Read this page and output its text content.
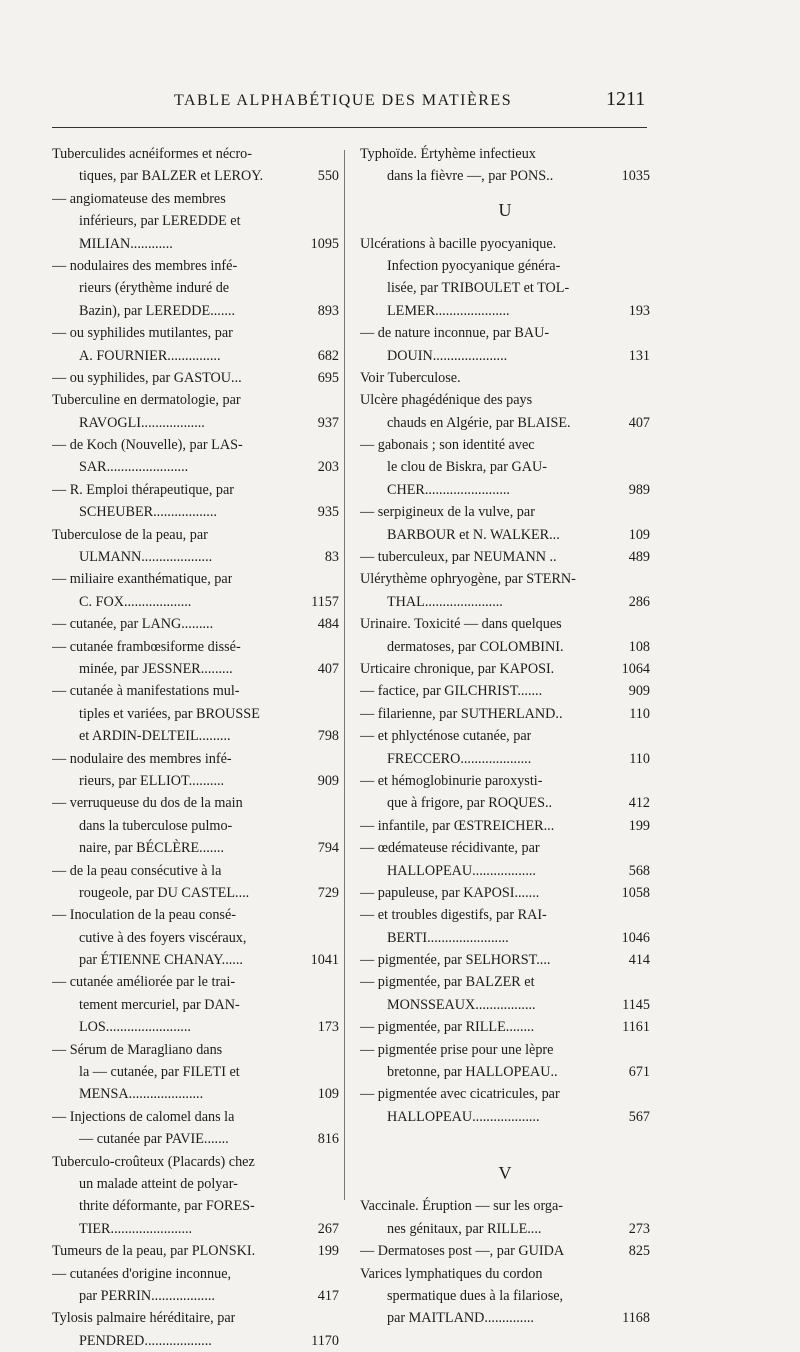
TABLE ALPHABÉTIQUE DES MATIÈRES	1211
Tuberculides acnéiformes et nécro-
tiques, par BALZER et LEROY.	550
— angiomateuse des membres
inférieurs, par LEREDDE et
MILIAN............	1095
— nodulaires des membres infé-
rieurs (érythème induré de
Bazin), par LEREDDE.......	893
— ou syphilides mutilantes, par
A. FOURNIER...............	682
— ou syphilides, par GASTOU...	695
Tuberculine en dermatologie, par
RAVOGLI..................	937
— de Koch (Nouvelle), par LAS-
SAR.......................	203
— R. Emploi thérapeutique, par
SCHEUBER..................	935
Tuberculose de la peau, par
ULMANN....................	83
— miliaire exanthématique, par
C. FOX...................	1157
— cutanée, par LANG.........	484
— cutanée frambœsiforme dissé-
minée, par JESSNER.........	407
— cutanée à manifestations mul-
tiples et variées, par BROUSSE
et ARDIN-DELTEIL.........	798
— nodulaire des membres infé-
rieurs, par ELLIOT..........	909
— verruqueuse du dos de la main
dans la tuberculose pulmo-
naire, par BÉCLÈRE.......	794
— de la peau consécutive à la
rougeole, par DU CASTEL....	729
— Inoculation de la peau consé-
cutive à des foyers viscéraux,
par ÉTIENNE CHANAY......	1041
— cutanée améliorée par le trai-
tement mercuriel, par DAN-
LOS........................	173
— Sérum de Maragliano dans
la — cutanée, par FILETI et
MENSA.....................	109
— Injections de calomel dans la
— cutanée par PAVIE.......	816
Tuberculo-croûteux (Placards) chez
un malade atteint de polyar-
thrite déformante, par FORES-
TIER.......................	267
Tumeurs de la peau, par PLONSKI.	199
— cutanées d'origine inconnue,
par PERRIN..................	417
Tylosis palmaire héréditaire, par
PENDRED...................	1170
Typhoïde. Értyhème infectieux
dans la fièvre —, par PONS..	1035
U
Ulcérations à bacille pyocyanique.
Infection pyocyanique généra-
lisée, par TRIBOULET et TOL-
LEMER.....................	193
— de nature inconnue, par BAU-
DOUIN.....................	131
Voir Tuberculose.
Ulcère phagédénique des pays
chauds en Algérie, par BLAISE.	407
— gabonais ; son identité avec
le clou de Biskra, par GAU-
CHER........................	989
— serpigineux de la vulve, par
BARBOUR et N. WALKER...	109
— tuberculeux, par NEUMANN ..	489
Ulérythème ophryogène, par STERN-
THAL......................	286
Urinaire. Toxicité — dans quelques
dermatoses, par COLOMBINI.	108
Urticaire chronique, par KAPOSI.	1064
— factice, par GILCHRIST.......	909
— filarienne, par SUTHERLAND..	110
— et phlycténose cutanée, par
FRECCERO....................	110
— et hémoglobinurie paroxysti-
que à frigore, par ROQUES..	412
— infantile, par ŒSTREICHER...	199
— œdémateuse récidivante, par
HALLOPEAU..................	568
— papuleuse, par KAPOSI.......	1058
— et troubles digestifs, par RAI-
BERTI.......................	1046
— pigmentée, par SELHORST....	414
— pigmentée, par BALZER et
MONSSEAUX.................	1145
— pigmentée, par RILLE........	1161
— pigmentée prise pour une lèpre
bretonne, par HALLOPEAU..	671
— pigmentée avec cicatricules, par
HALLOPEAU...................	567
V
Vaccinale. Éruption — sur les orga-
nes génitaux, par RILLE....	273
— Dermatoses post —, par GUIDA	825
Varices lymphatiques du cordon
spermatique dues à la filariose,
par MAITLAND..............	1168
